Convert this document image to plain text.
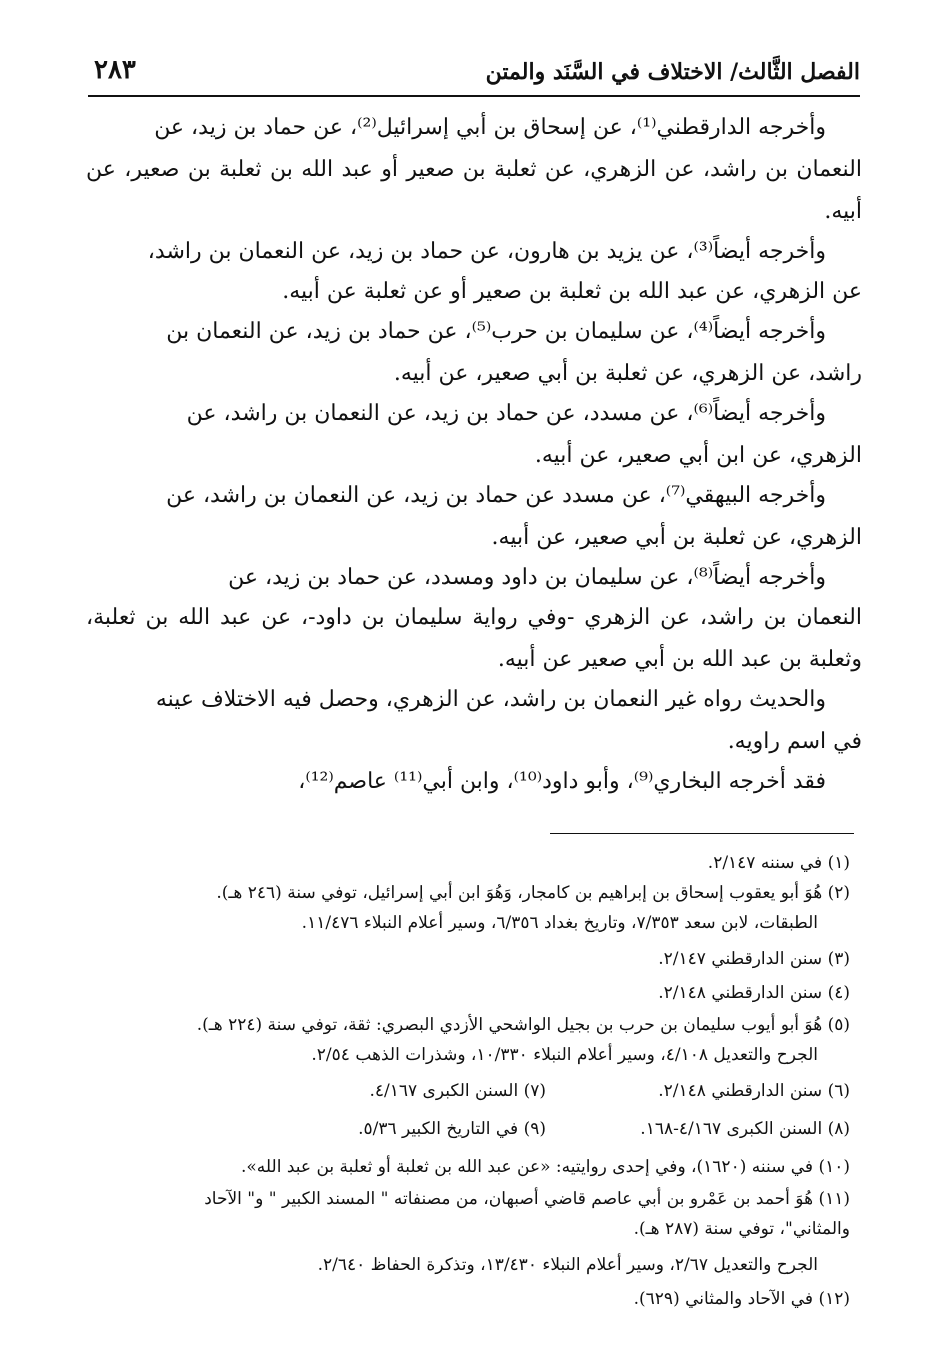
الفصل الثَّالث/ الاختلاف في السَّنَد والمتن
٢٨٣
وأخرجه الدارقطني⁽¹⁾، عن إسحاق بن أبي إسرائيل⁽²⁾، عن حماد بن زيد، عن
النعمان بن راشد، عن الزهري، عن ثعلبة بن صعير أو عبد الله بن ثعلبة بن صعير، عن
أبيه.
وأخرجه أيضاً⁽³⁾، عن يزيد بن هارون، عن حماد بن زيد، عن النعمان بن راشد،
عن الزهري، عن عبد الله بن ثعلبة بن صعير أو عن ثعلبة عن أبيه.
وأخرجه أيضاً⁽⁴⁾، عن سليمان بن حرب⁽⁵⁾، عن حماد بن زيد، عن النعمان بن
راشد، عن الزهري، عن ثعلبة بن أبي صعير، عن أبيه.
وأخرجه أيضاً⁽⁶⁾، عن مسدد، عن حماد بن زيد، عن النعمان بن راشد، عن
الزهري، عن ابن أبي صعير، عن أبيه.
وأخرجه البيهقي⁽⁷⁾، عن مسدد عن حماد بن زيد، عن النعمان بن راشد، عن
الزهري، عن ثعلبة بن أبي صعير، عن أبيه.
وأخرجه أيضاً⁽⁸⁾، عن سليمان بن داود ومسدد، عن حماد بن زيد، عن
النعمان بن راشد، عن الزهري -وفي رواية سليمان بن داود-، عن عبد الله بن ثعلبة،
وثعلبة بن عبد الله بن أبي صعير عن أبيه.
والحديث رواه غير النعمان بن راشد، عن الزهري، وحصل فيه الاختلاف عينه
في اسم راويه.
فقد أخرجه البخاري⁽⁹⁾، وأبو داود⁽¹⁰⁾، وابن أبي⁽¹¹⁾ عاصم⁽¹²⁾،
(١) في سننه ٢/١٤٧.
(٢) هُوَ أبو يعقوب إسحاق بن إبراهيم بن كامجار، وَهُوَ ابن أبي إسرائيل، توفي سنة (٢٤٦ هـ).
الطبقات، لابن سعد ٧/٣٥٣، وتاريخ بغداد ٦/٣٥٦، وسير أعلام النبلاء ١١/٤٧٦.
(٣) سنن الدارقطني ٢/١٤٧.
(٤) سنن الدارقطني ٢/١٤٨.
(٥) هُوَ أبو أيوب سليمان بن حرب بن بجيل الواشحي الأزدي البصري: ثقة، توفي سنة (٢٢٤ هـ).
الجرح والتعديل ٤/١٠٨، وسير أعلام النبلاء ١٠/٣٣٠، وشذرات الذهب ٢/٥٤.
(٦) سنن الدارقطني ٢/١٤٨.
(٧) السنن الكبرى ٤/١٦٧.
(٨) السنن الكبرى ٤/١٦٧-١٦٨.
(٩) في التاريخ الكبير ٥/٣٦.
(١٠) في سننه (١٦٢٠)، وفي إحدى روايتيه: «عن عبد الله بن ثعلبة أو ثعلبة بن عبد الله».
(١١) هُوَ أحمد بن عَمْرو بن أبي عاصم قاضي أصبهان، من مصنفاته " المسند الكبير " و" الآحاد
والمثاني"، توفي سنة (٢٨٧ هـ).
الجرح والتعديل ٢/٦٧، وسير أعلام النبلاء ١٣/٤٣٠، وتذكرة الحفاظ ٢/٦٤٠.
(١٢) في الآحاد والمثاني (٦٢٩).
